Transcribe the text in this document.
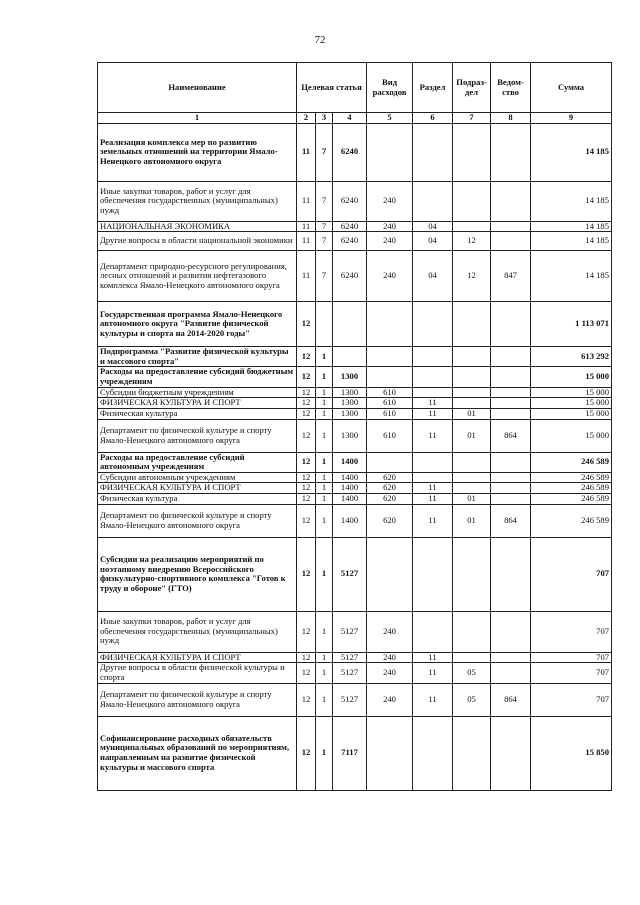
72
Наименование	Целевая статья			Вид расходов	Раздел	Подраз-дел	Ведом-ство	Сумма
1	2	3	4	5	6	7	8	9
Реализация комплекса мер по развитию земельных отношений на территории Ямало-Ненецкого автономного округа	11	7	6240					14 185
Иные закупки товаров, работ и услуг для обеспечения государственных (муниципальных) нужд	11	7	6240	240				14 185
НАЦИОНАЛЬНАЯ ЭКОНОМИКА	11	7	6240	240	04			14 185
Другие вопросы в области национальной экономики	11	7	6240	240	04	12		14 185
Департамент природно-ресурсного регулирования, лесных отношений и развития нефтегазового комплекса Ямало-Ненецкого автономного округа	11	7	6240	240	04	12	847	14 185
Государственная программа Ямало-Ненецкого автономного округа "Развитие физической культуры и спорта на 2014-2020 годы"	12							1 113 071
Подпрограмма "Развитие физической культуры и массового спорта"	12	1						613 292
Расходы на предоставление субсидий бюджетным учреждениям	12	1	1300					15 000
Субсидии бюджетным учреждениям	12	1	1300	610				15 000
ФИЗИЧЕСКАЯ КУЛЬТУРА И СПОРТ	12	1	1300	610	11			15 000
Физическая культура	12	1	1300	610	11	01		15 000
Департамент по физической культуре и спорту Ямало-Ненецкого автономного округа	12	1	1300	610	11	01	864	15 000
Расходы на предоставление субсидий автономным учреждениям	12	1	1400					246 589
Субсидии автономным учреждениям	12	1	1400	620				246 589
ФИЗИЧЕСКАЯ КУЛЬТУРА И СПОРТ	12	1	1400	620	11			246 589
Физическая культура	12	1	1400	620	11	01		246 589
Департамент по физической культуре и спорту Ямало-Ненецкого автономного округа	12	1	1400	620	11	01	864	246 589
Субсидии на реализацию мероприятий по поэтапному внедрению Всероссийского физкультурно-спортивного комплекса "Готов к труду и обороне" (ГТО)	12	1	5127					707
Иные закупки товаров, работ и услуг для обеспечения государственных (муниципальных) нужд	12	1	5127	240				707
ФИЗИЧЕСКАЯ КУЛЬТУРА И СПОРТ	12	1	5127	240	11			707
Другие вопросы в области физической культуры и спорта	12	1	5127	240	11	05		707
Департамент по физической культуре и спорту Ямало-Ненецкого автономного округа	12	1	5127	240	11	05	864	707
Софинансирование расходных обязательств муниципальных образований по мероприятиям, направленным на развитие физической культуры и массового спорта	12	1	7117					15 850
